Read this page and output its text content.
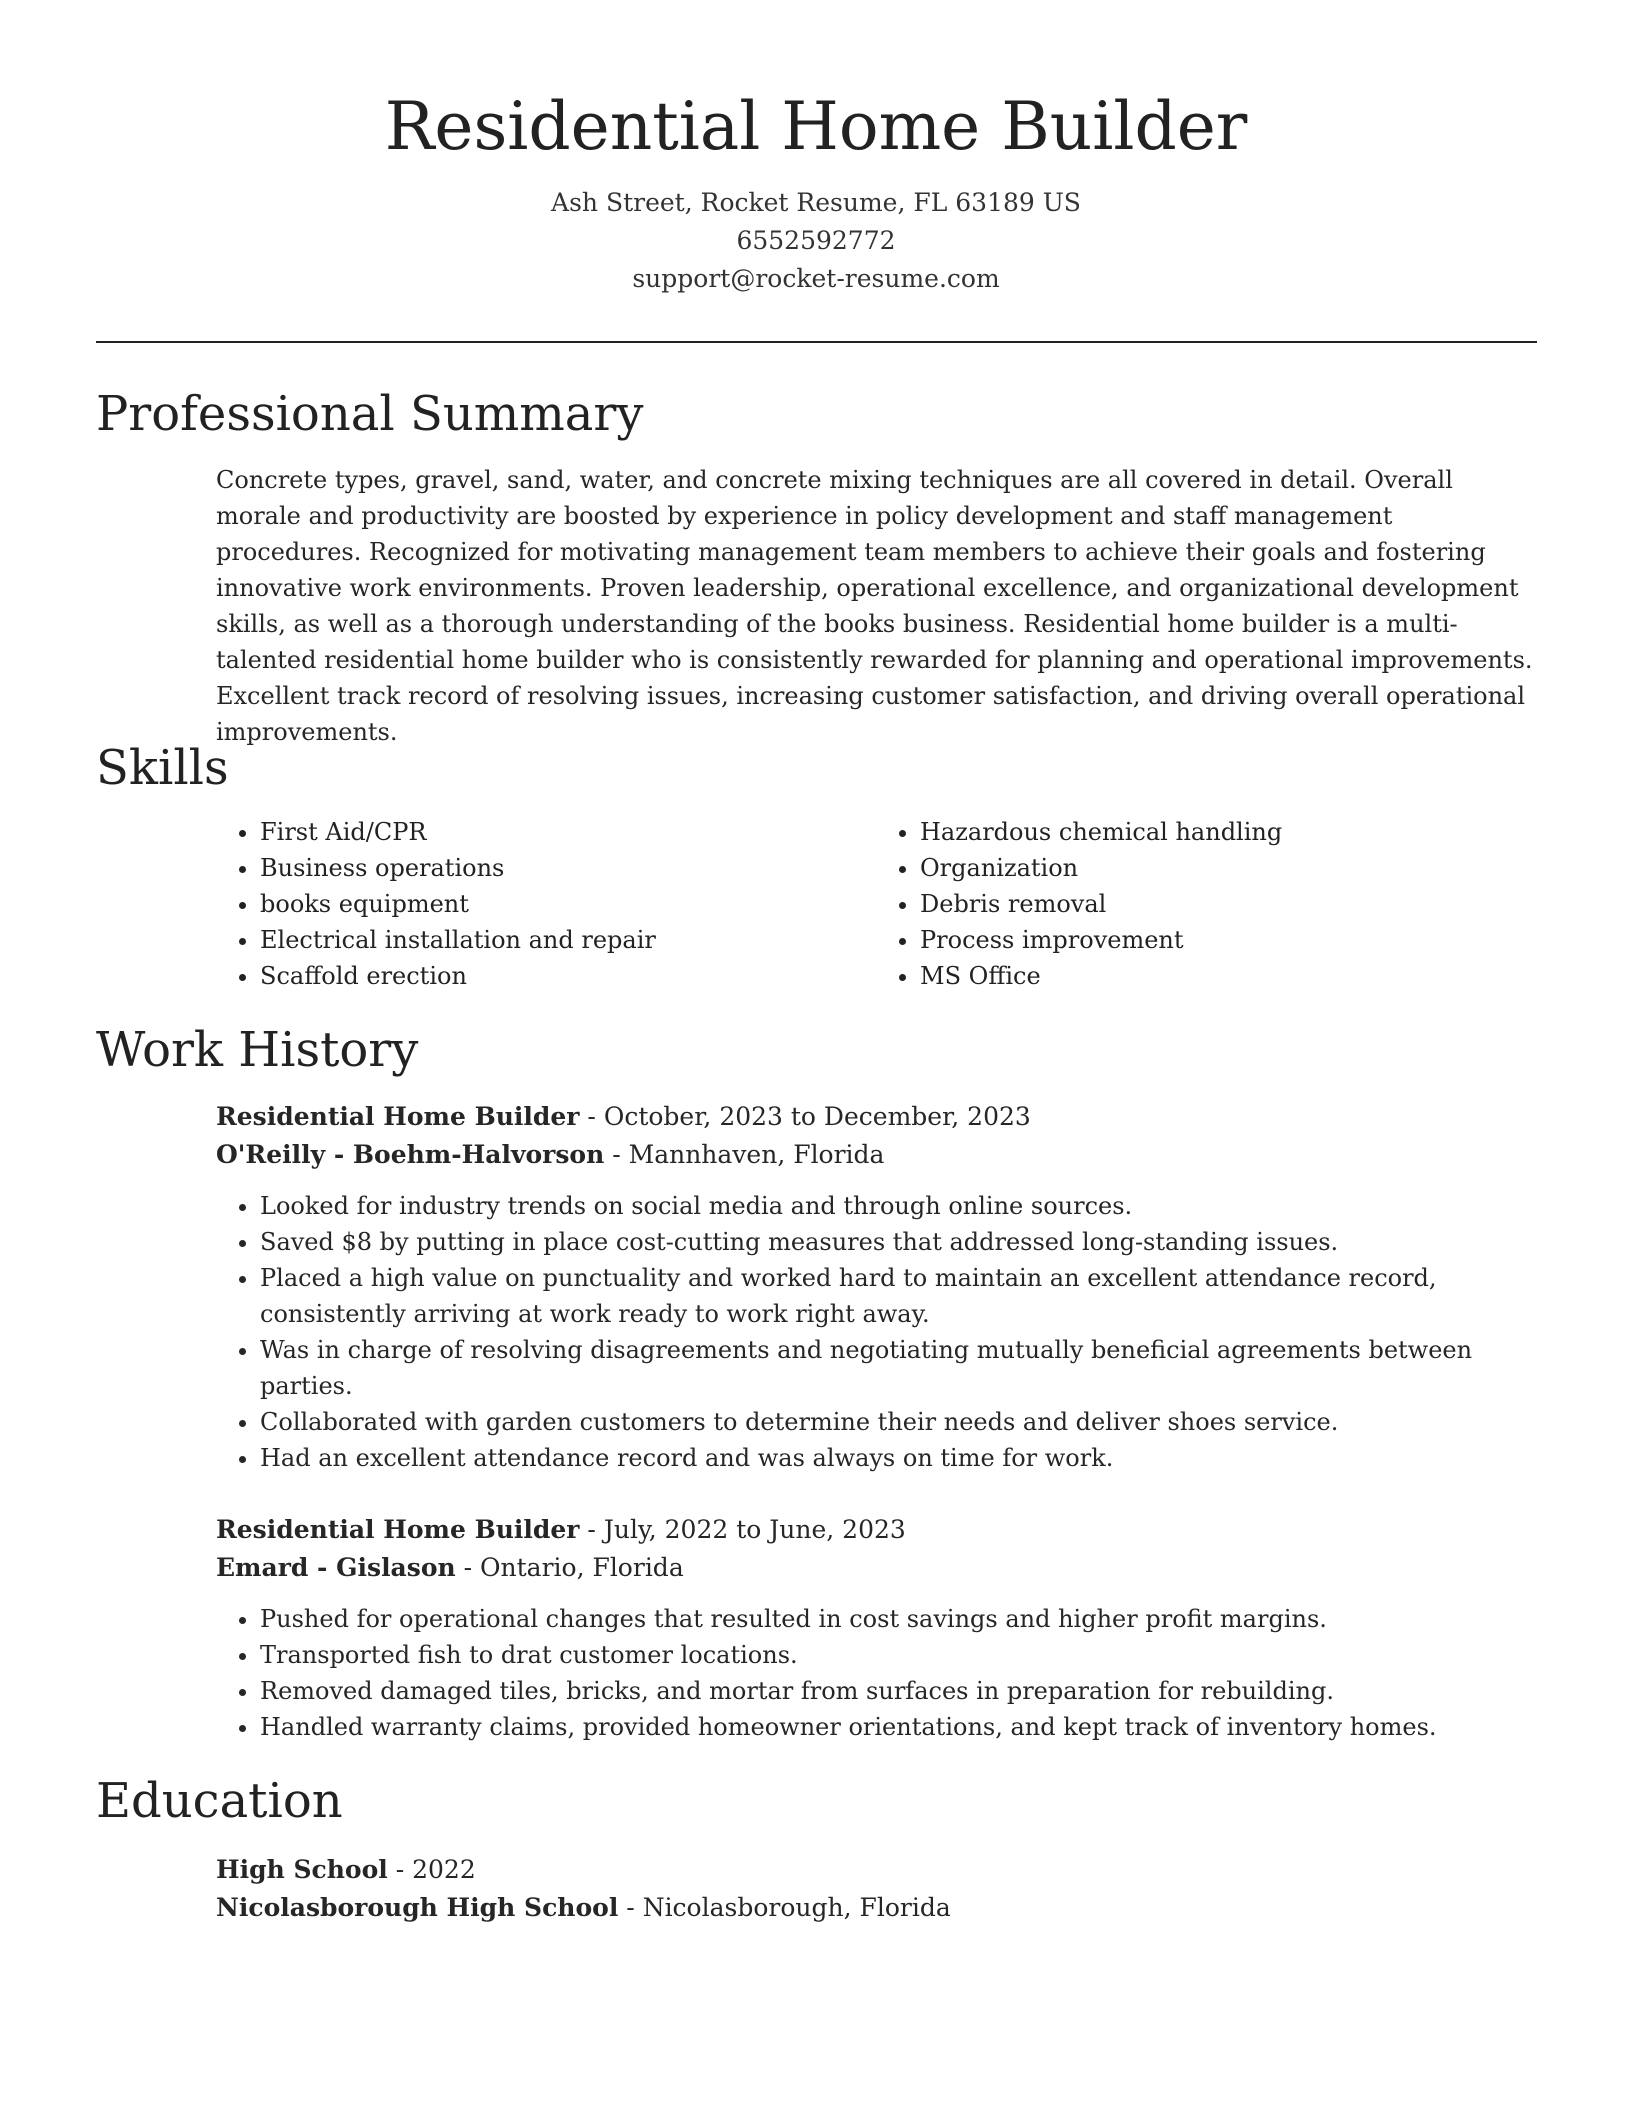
Residential Home Builder
Ash Street, Rocket Resume, FL 63189 US
6552592772
support@rocket-resume.com
Professional Summary

Concrete types, gravel, sand, water, and concrete mixing techniques are all covered in detail. Overall morale and productivity are boosted by experience in policy development and staff management procedures. Recognized for motivating management team members to achieve their goals and fostering innovative work environments. Proven leadership, operational excellence, and organizational development skills, as well as a thorough understanding of the books business. Residential home builder is a multi-talented residential home builder who is consistently rewarded for planning and operational improvements. Excellent track record of resolving issues, increasing customer satisfaction, and driving overall operational improvements.

Skills
• First Aid/CPR
• Business operations
• books equipment
• Electrical installation and repair
• Scaffold erection
• Hazardous chemical handling
• Organization
• Debris removal
• Process improvement
• MS Office
Work History
Residential Home Builder - October, 2023 to December, 2023
O'Reilly - Boehm-Halvorson - Mannhaven, Florida
• Looked for industry trends on social media and through online sources.
• Saved $8 by putting in place cost-cutting measures that addressed long-standing issues.
• Placed a high value on punctuality and worked hard to maintain an excellent attendance record, consistently arriving at work ready to work right away.
• Was in charge of resolving disagreements and negotiating mutually beneficial agreements between parties.
• Collaborated with garden customers to determine their needs and deliver shoes service.
• Had an excellent attendance record and was always on time for work.
Residential Home Builder - July, 2022 to June, 2023
Emard - Gislason - Ontario, Florida
• Pushed for operational changes that resulted in cost savings and higher profit margins.
• Transported fish to drat customer locations.
• Removed damaged tiles, bricks, and mortar from surfaces in preparation for rebuilding.
• Handled warranty claims, provided homeowner orientations, and kept track of inventory homes.
Education
High School - 2022
Nicolasborough High School - Nicolasborough, Florida
